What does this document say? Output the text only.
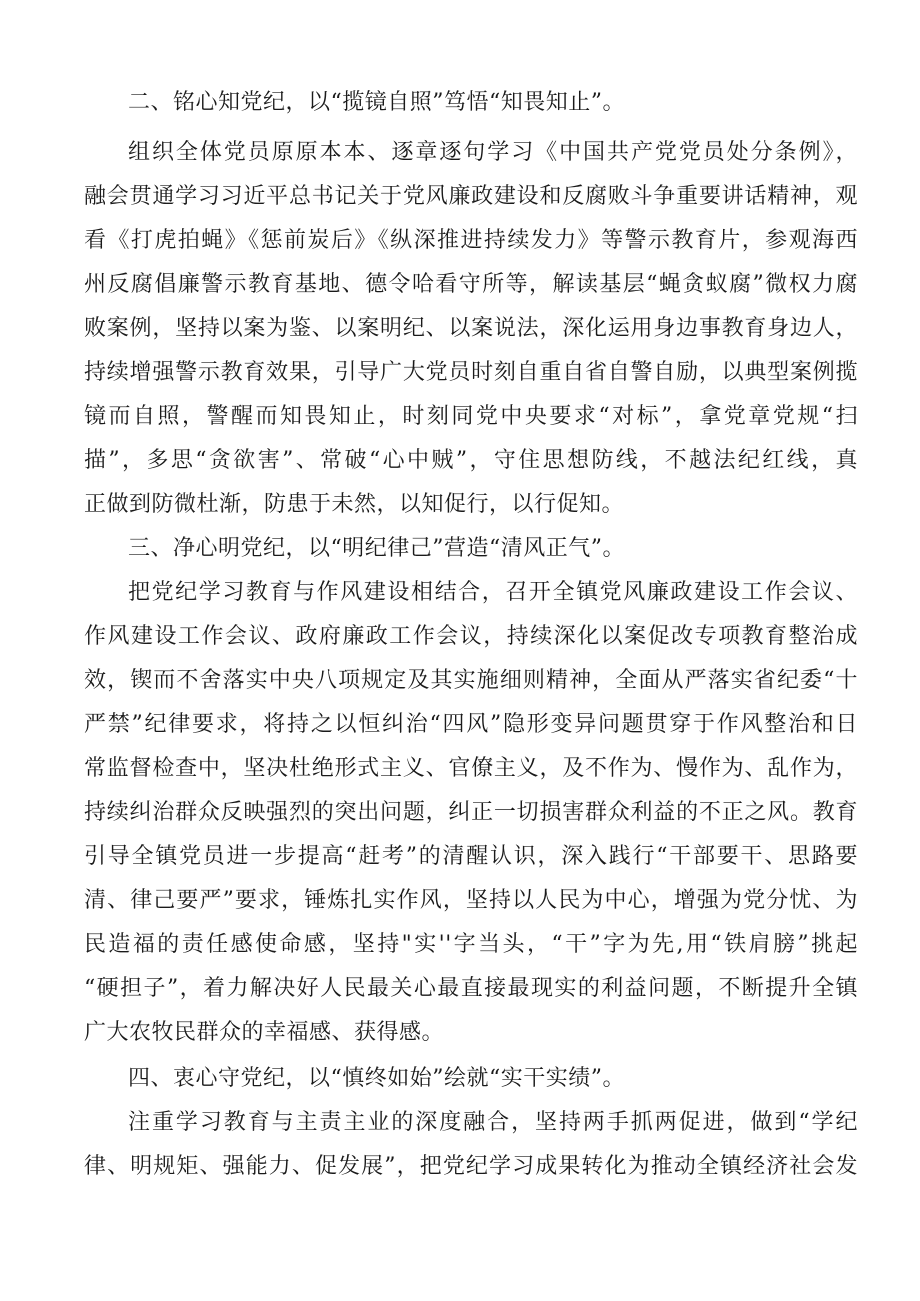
二、铭心知党纪，以“揽镜自照”笃悟“知畏知止”。
组织全体党员原原本本、逐章逐句学习《中国共产党党员处分条例》，
融会贯通学习习近平总书记关于党风廉政建设和反腐败斗争重要讲话精神，观
看《打虎拍蝇》《惩前炭后》《纵深推进持续发力》等警示教育片，参观海西
州反腐倡廉警示教育基地、德令哈看守所等，解读基层“蝇贪蚁腐”微权力腐
败案例，坚持以案为鉴、以案明纪、以案说法，深化运用身边事教育身边人，
持续增强警示教育效果，引导广大党员时刻自重自省自警自励，以典型案例揽
镜而自照，警醒而知畏知止，时刻同党中央要求“对标”，拿党章党规“扫
描”，多思“贪欲害”、常破“心中贼”，守住思想防线，不越法纪红线，真
正做到防微杜渐，防患于未然，以知促行，以行促知。
三、净心明党纪，以“明纪律己”营造“清风正气”。
把党纪学习教育与作风建设相结合，召开全镇党风廉政建设工作会议、
作风建设工作会议、政府廉政工作会议，持续深化以案促改专项教育整治成
效，锲而不舍落实中央八项规定及其实施细则精神，全面从严落实省纪委“十
严禁”纪律要求，将持之以恒纠治“四风”隐形变异问题贯穿于作风整治和日
常监督检查中，坚决杜绝形式主义、官僚主义，及不作为、慢作为、乱作为，
持续纠治群众反映强烈的突出问题，纠正一切损害群众利益的不正之风。教育
引导全镇党员进一步提高“赶考”的清醒认识，深入践行“干部要干、思路要
清、律己要严”要求，锤炼扎实作风，坚持以人民为中心，增强为党分忧、为
民造福的责任感使命感，坚持"实''字当头，“干”字为先,用“铁肩膀”挑起
“硬担子”，着力解决好人民最关心最直接最现实的利益问题，不断提升全镇
广大农牧民群众的幸福感、获得感。
四、衷心守党纪，以“慎终如始”绘就“实干实绩”。
注重学习教育与主责主业的深度融合，坚持两手抓两促进，做到“学纪
律、明规矩、强能力、促发展”，把党纪学习成果转化为推动全镇经济社会发
